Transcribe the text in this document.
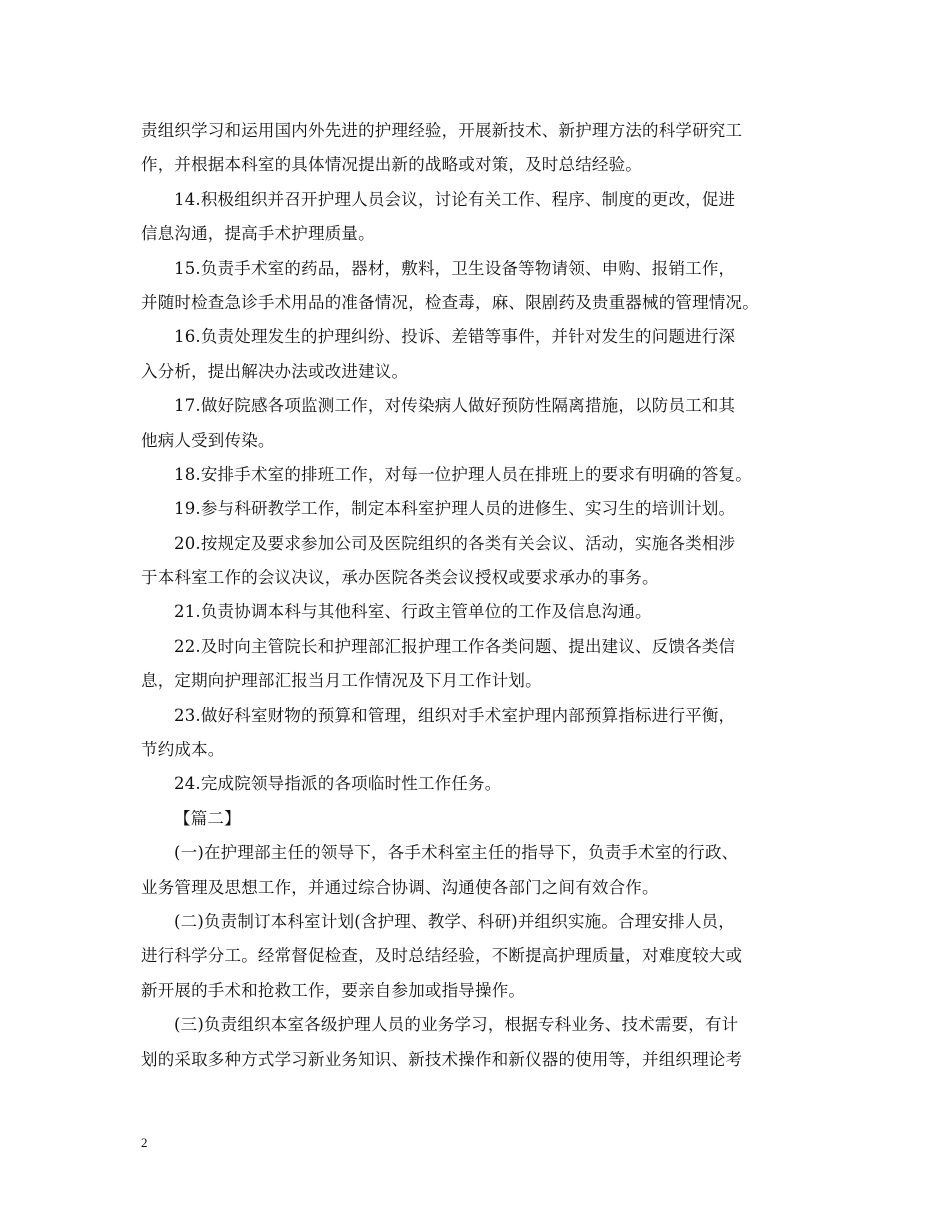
责组织学习和运用国内外先进的护理经验，开展新技术、新护理方法的科学研究工
作，并根据本科室的具体情况提出新的战略或对策，及时总结经验。
14.积极组织并召开护理人员会议，讨论有关工作、程序、制度的更改，促进
信息沟通，提高手术护理质量。
15.负责手术室的药品，器材，敷料，卫生设备等物请领、申购、报销工作，
并随时检查急诊手术用品的准备情况，检查毒，麻、限剧药及贵重器械的管理情况。
16.负责处理发生的护理纠纷、投诉、差错等事件，并针对发生的问题进行深
入分析，提出解决办法或改进建议。
17.做好院感各项监测工作，对传染病人做好预防性隔离措施，以防员工和其
他病人受到传染。
18.安排手术室的排班工作，对每一位护理人员在排班上的要求有明确的答复。
19.参与科研教学工作，制定本科室护理人员的进修生、实习生的培训计划。
20.按规定及要求参加公司及医院组织的各类有关会议、活动，实施各类相涉
于本科室工作的会议决议，承办医院各类会议授权或要求承办的事务。
21.负责协调本科与其他科室、行政主管单位的工作及信息沟通。
22.及时向主管院长和护理部汇报护理工作各类问题、提出建议、反馈各类信
息，定期向护理部汇报当月工作情况及下月工作计划。
23.做好科室财物的预算和管理，组织对手术室护理内部预算指标进行平衡，
节约成本。
24.完成院领导指派的各项临时性工作任务。
【篇二】
(一)在护理部主任的领导下，各手术科室主任的指导下，负责手术室的行政、
业务管理及思想工作，并通过综合协调、沟通使各部门之间有效合作。
(二)负责制订本科室计划(含护理、教学、科研)并组织实施。合理安排人员，
进行科学分工。经常督促检查，及时总结经验，不断提高护理质量，对难度较大或
新开展的手术和抢救工作，要亲自参加或指导操作。
(三)负责组织本室各级护理人员的业务学习，根据专科业务、技术需要，有计
划的采取多种方式学习新业务知识、新技术操作和新仪器的使用等，并组织理论考
2
